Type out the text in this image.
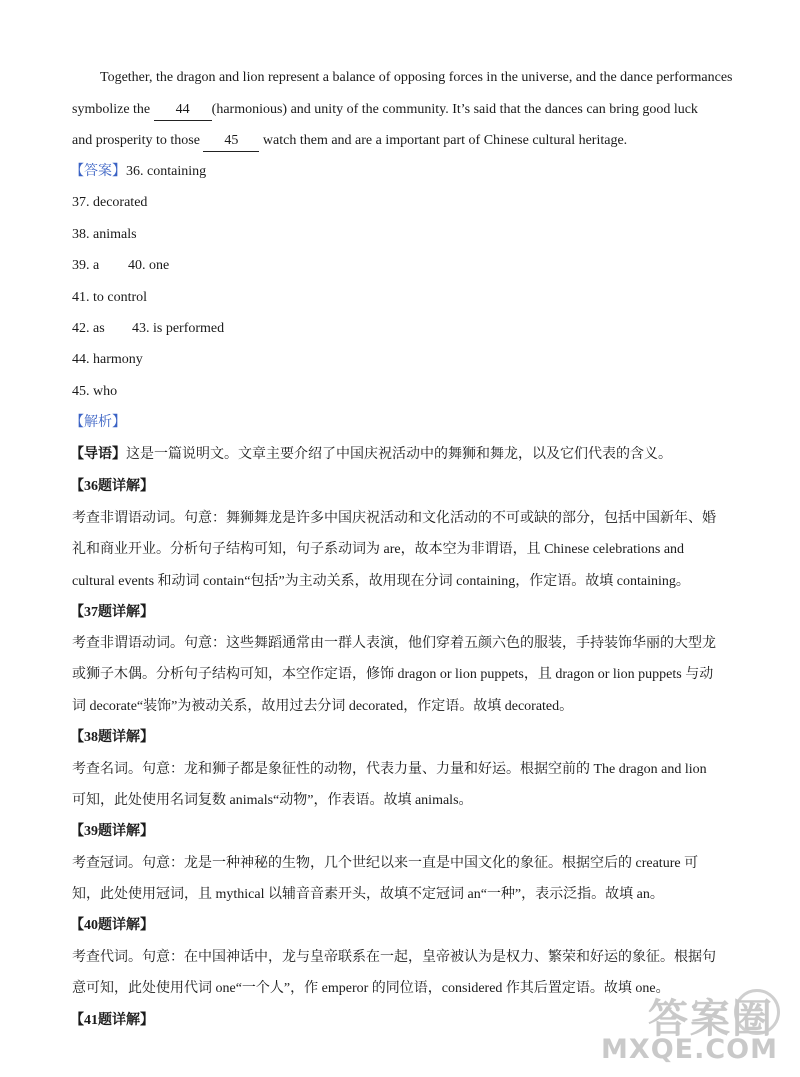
Together, the dragon and lion represent a balance of opposing forces in the universe, and the dance performances
symbolize the 44 (harmonious) and unity of the community. It’s said that the dances can bring good luck
and prosperity to those 45 watch them and are a important part of Chinese cultural heritage.
【答案】36. containing
37. decorated
38. animals
39. a 40. one
41. to control
42. as 43. is performed
44. harmony
45. who
【解析】
【导语】这是一篇说明文。文章主要介绍了中国庆祝活动中的舞狮和舞龙，以及它们代表的含义。
【36题详解】
考查非谓语动词。句意：舞狮舞龙是许多中国庆祝活动和文化活动的不可或缺的部分，包括中国新年、婚
礼和商业开业。分析句子结构可知，句子系动词为 are，故本空为非谓语，且 Chinese celebrations and
cultural events 和动词 contain“包括”为主动关系，故用现在分词 containing，作定语。故填 containing。
【37题详解】
考查非谓语动词。句意：这些舞蹈通常由一群人表演，他们穿着五颜六色的服装，手持装饰华丽的大型龙
或狮子木偶。分析句子结构可知，本空作定语，修饰 dragon or lion puppets，且 dragon or lion puppets 与动
词 decorate“装饰”为被动关系，故用过去分词 decorated，作定语。故填 decorated。
【38题详解】
考查名词。句意：龙和狮子都是象征性的动物，代表力量、力量和好运。根据空前的 The dragon and lion
可知，此处使用名词复数 animals“动物”，作表语。故填 animals。
【39题详解】
考查冠词。句意：龙是一种神秘的生物，几个世纪以来一直是中国文化的象征。根据空后的 creature 可
知，此处使用冠词，且 mythical 以辅音音素开头，故填不定冠词 an“一种”，表示泛指。故填 an。
【40题详解】
考查代词。句意：在中国神话中，龙与皇帝联系在一起，皇帝被认为是权力、繁荣和好运的象征。根据句
意可知，此处使用代词 one“一个人”，作 emperor 的同位语，considered 作其后置定语。故填 one。
【41题详解】	答案圈
MXQE.COM
